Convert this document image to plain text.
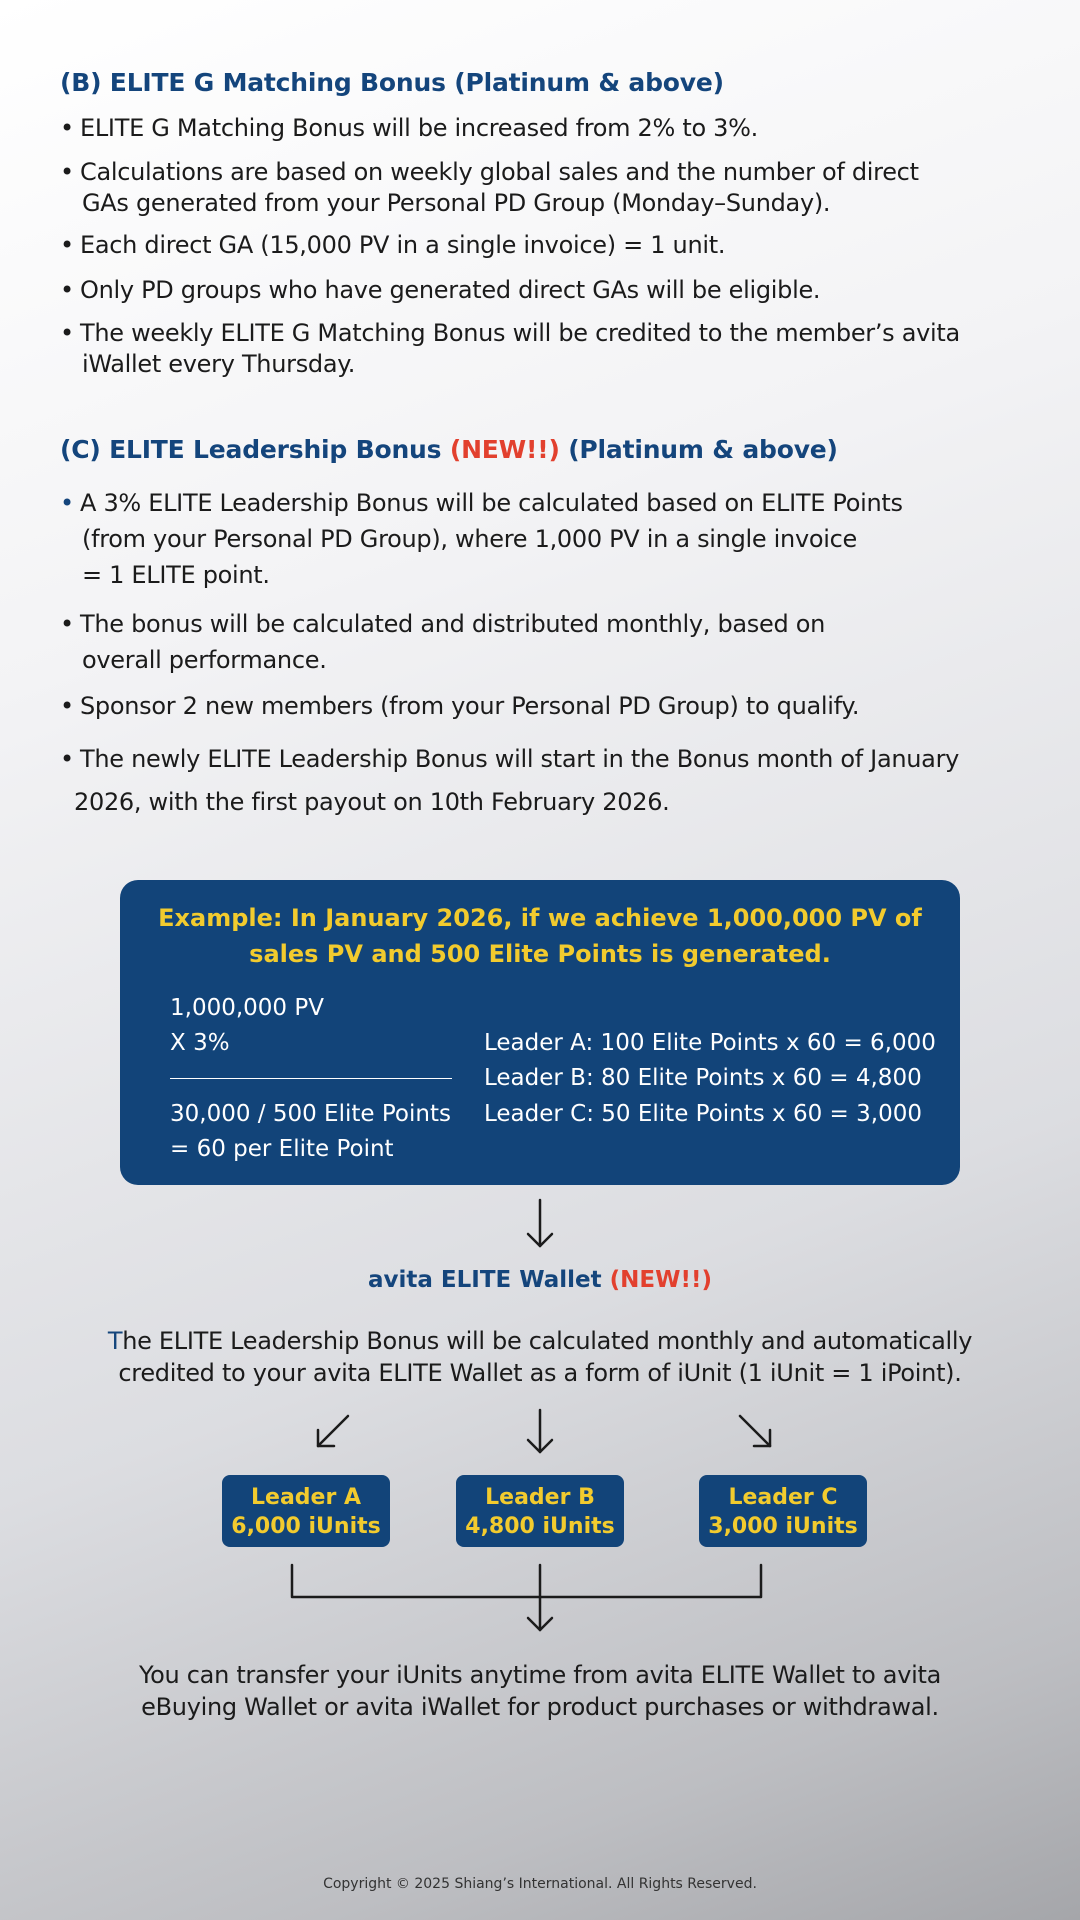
(B) ELITE G Matching Bonus (Platinum & above)
• ELITE G Matching Bonus will be increased from 2% to 3%.
• Calculations are based on weekly global sales and the number of direct
GAs generated from your Personal PD Group (Monday–Sunday).
• Each direct GA (15,000 PV in a single invoice) = 1 unit.
• Only PD groups who have generated direct GAs will be eligible.
• The weekly ELITE G Matching Bonus will be credited to the member’s avita
iWallet every Thursday.
(C) ELITE Leadership Bonus (NEW!!) (Platinum & above)
• A 3% ELITE Leadership Bonus will be calculated based on ELITE Points
(from your Personal PD Group), where 1,000 PV in a single invoice
= 1 ELITE point.
• The bonus will be calculated and distributed monthly, based on
overall performance.
• Sponsor 2 new members (from your Personal PD Group) to qualify.
• The newly ELITE Leadership Bonus will start in the Bonus month of January
2026, with the first payout on 10th February 2026.
Example: In January 2026, if we achieve 1,000,000 PV of
sales PV and 500 Elite Points is generated.
1,000,000 PV
X 3%
30,000 / 500 Elite Points
= 60 per Elite Point
Leader A: 100 Elite Points x 60 = 6,000
Leader B: 80 Elite Points x 60 = 4,800
Leader C: 50 Elite Points x 60 = 3,000
avita ELITE Wallet (NEW!!)
The ELITE Leadership Bonus will be calculated monthly and automatically
credited to your avita ELITE Wallet as a form of iUnit (1 iUnit = 1 iPoint).
Leader A
6,000 iUnits
Leader B
4,800 iUnits
Leader C
3,000 iUnits
You can transfer your iUnits anytime from avita ELITE Wallet to avita
eBuying Wallet or avita iWallet for product purchases or withdrawal.
Copyright © 2025 Shiang’s International. All Rights Reserved.
